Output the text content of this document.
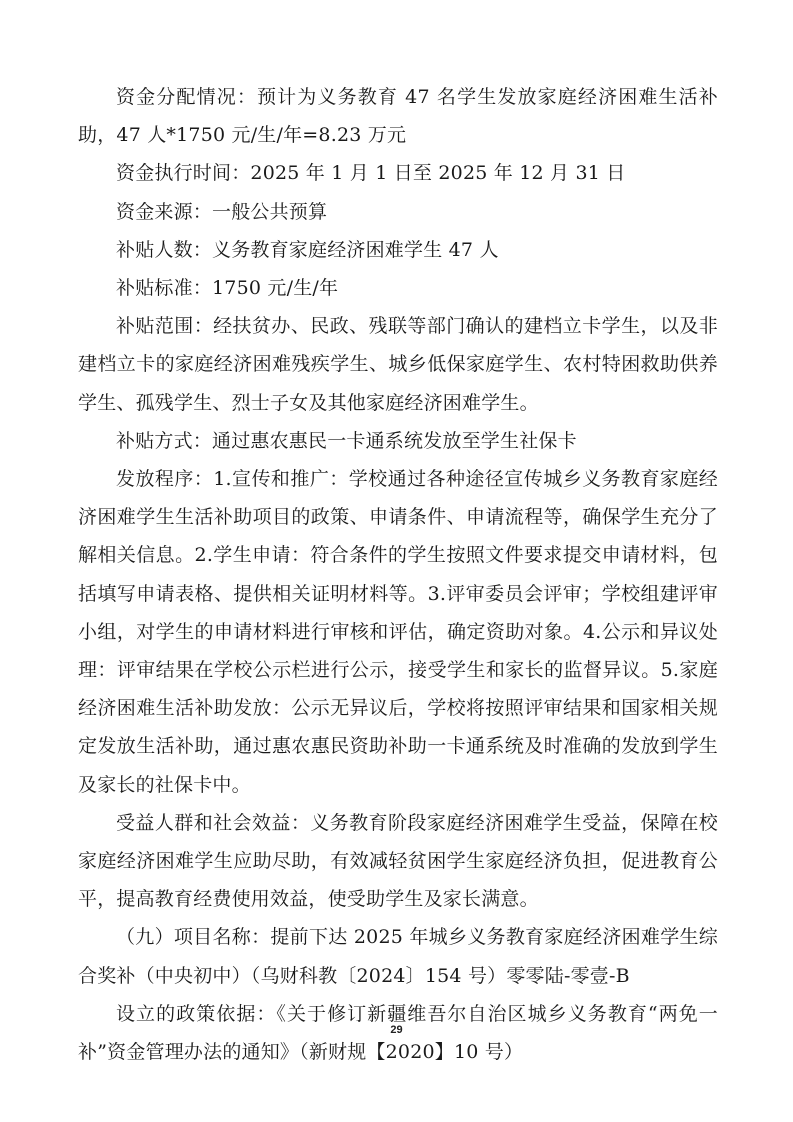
资金分配情况：预计为义务教育 47 名学生发放家庭经济困难生活补助，47 人*1750 元/生/年=8.23 万元

资金执行时间：2025 年 1 月 1 日至 2025 年 12 月 31 日

资金来源：一般公共预算

补贴人数：义务教育家庭经济困难学生 47 人

补贴标准：1750 元/生/年

补贴范围：经扶贫办、民政、残联等部门确认的建档立卡学生，以及非建档立卡的家庭经济困难残疾学生、城乡低保家庭学生、农村特困救助供养学生、孤残学生、烈士子女及其他家庭经济困难学生。

补贴方式：通过惠农惠民一卡通系统发放至学生社保卡

发放程序：1.宣传和推广：学校通过各种途径宣传城乡义务教育家庭经济困难学生生活补助项目的政策、申请条件、申请流程等，确保学生充分了解相关信息。2.学生申请：符合条件的学生按照文件要求提交申请材料，包括填写申请表格、提供相关证明材料等。3.评审委员会评审；学校组建评审小组，对学生的申请材料进行审核和评估，确定资助对象。4.公示和异议处理：评审结果在学校公示栏进行公示，接受学生和家长的监督异议。5.家庭经济困难生活补助发放：公示无异议后，学校将按照评审结果和国家相关规定发放生活补助，通过惠农惠民资助补助一卡通系统及时准确的发放到学生及家长的社保卡中。

受益人群和社会效益：义务教育阶段家庭经济困难学生受益，保障在校家庭经济困难学生应助尽助，有效减轻贫困学生家庭经济负担，促进教育公平，提高教育经费使用效益，使受助学生及家长满意。

（九）项目名称：提前下达 2025 年城乡义务教育家庭经济困难学生综合奖补（中央初中）（乌财科教〔2024〕154 号）零零陆-零壹-B

设立的政策依据：《关于修订新疆维吾尔自治区城乡义务教育“两免一补”资金管理办法的通知》（新财规【2020】10 号）

29
